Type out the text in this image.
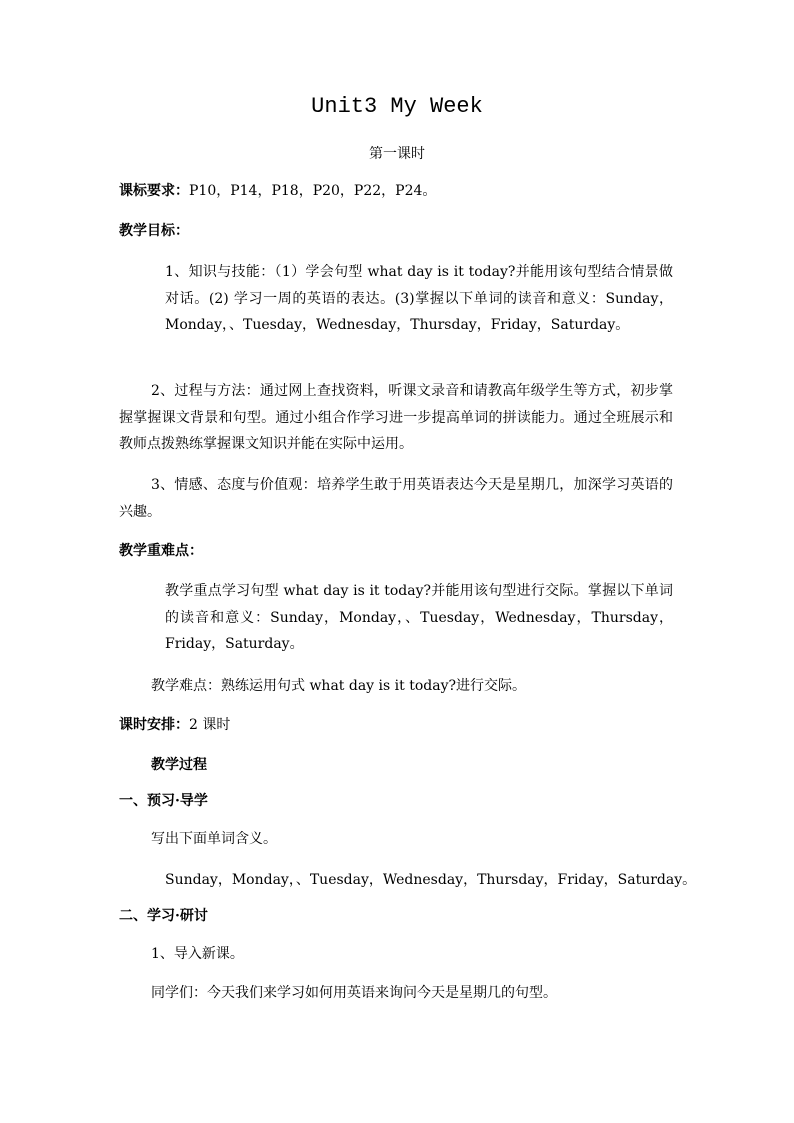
Unit3 My Week
第一课时
课标要求：P10，P14，P18，P20，P22，P24。
教学目标：
1、知识与技能：（1）学会句型 what day is it today?并能用该句型结合情景做对话。(2) 学习一周的英语的表达。(3)掌握以下单词的读音和意义：Sunday，Monday，、Tuesday，Wednesday，Thursday，Friday，Saturday。
2、过程与方法：通过网上查找资料，听课文录音和请教高年级学生等方式，初步掌握掌握课文背景和句型。通过小组合作学习进一步提高单词的拼读能力。通过全班展示和教师点拨熟练掌握课文知识并能在实际中运用。
3、情感、态度与价值观：培养学生敢于用英语表达今天是星期几，加深学习英语的兴趣。
教学重难点：
教学重点学习句型 what day is it today?并能用该句型进行交际。掌握以下单词的读音和意义：Sunday，Monday，、Tuesday，Wednesday，Thursday，Friday，Saturday。
教学难点：熟练运用句式 what day is it today?进行交际。
课时安排：2 课时
教学过程
一、预习·导学
写出下面单词含义。
Sunday，Monday，、Tuesday，Wednesday，Thursday，Friday，Saturday。
二、学习·研讨
1、导入新课。
同学们：今天我们来学习如何用英语来询问今天是星期几的句型。
